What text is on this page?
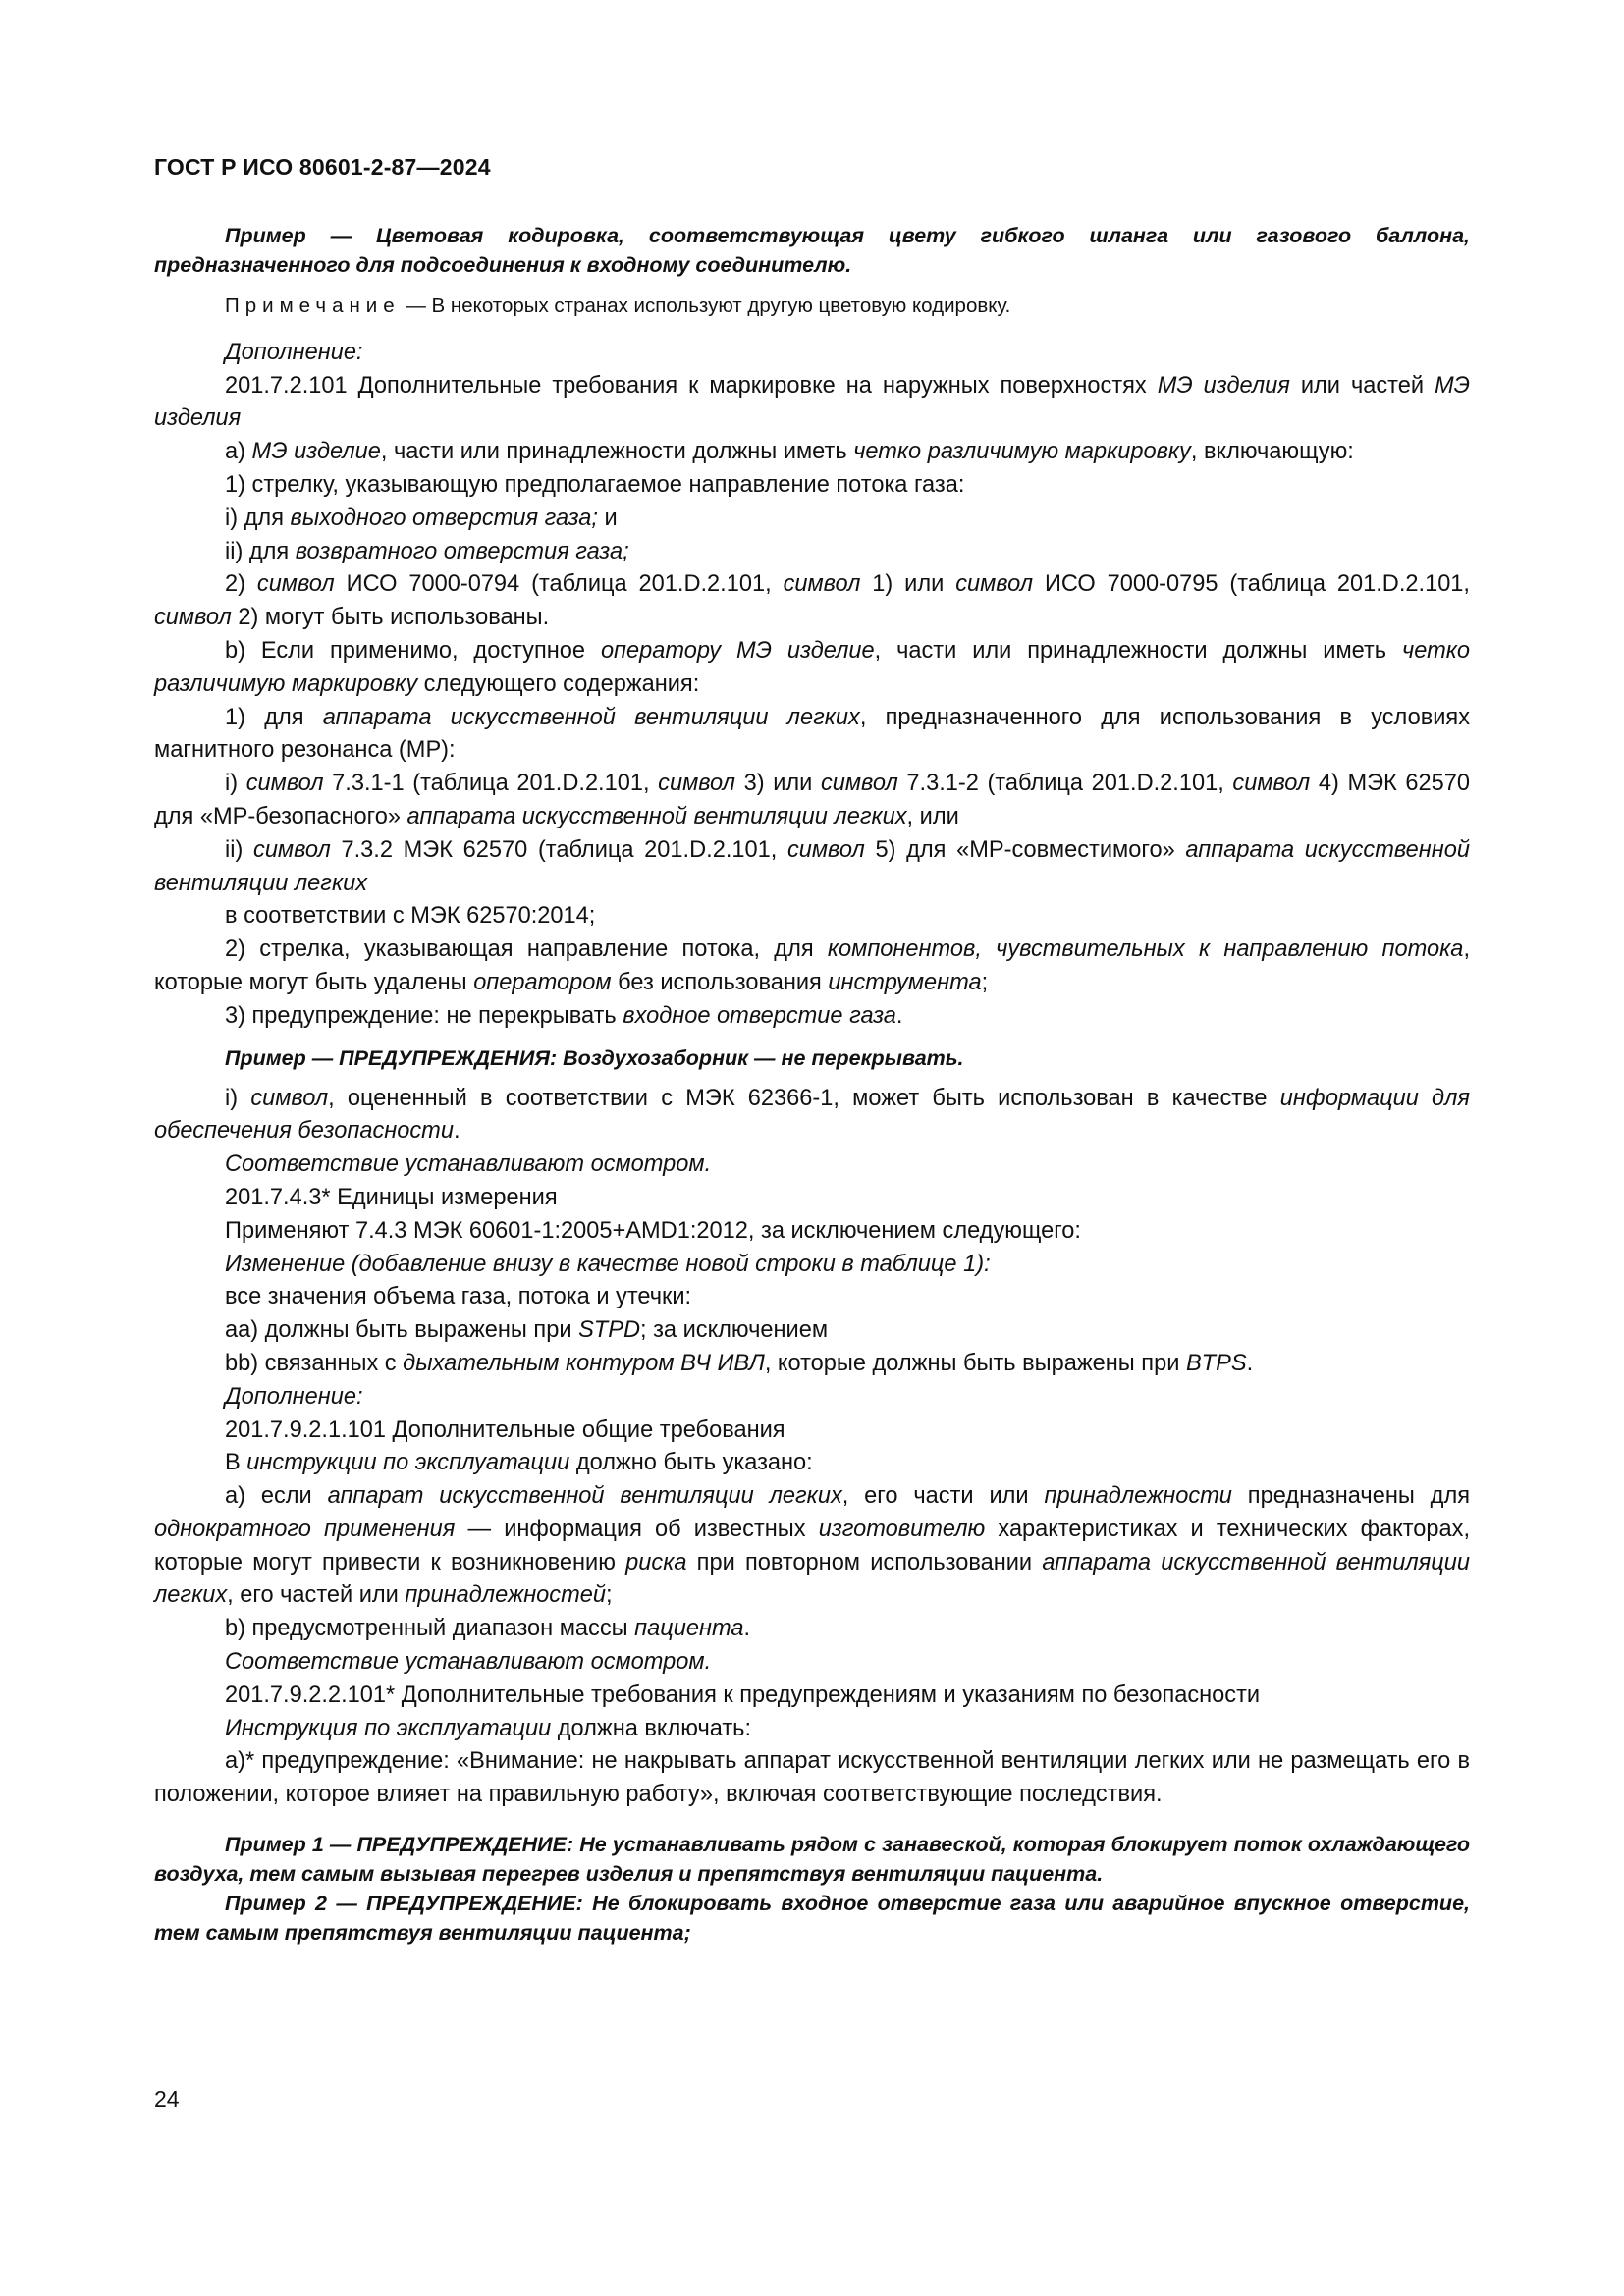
ГОСТ Р ИСО 80601-2-87—2024

Пример — Цветовая кодировка, соответствующая цвету гибкого шланга или газового баллона, предназначенного для подсоединения к входному соединителю.

Примечание — В некоторых странах используют другую цветовую кодировку.

Дополнение:

201.7.2.101 Дополнительные требования к маркировке на наружных поверхностях МЭ изделия или частей МЭ изделия

a) МЭ изделие, части или принадлежности должны иметь четко различимую маркировку, включающую:

1) стрелку, указывающую предполагаемое направление потока газа:

i) для выходного отверстия газа; и

ii) для возвратного отверстия газа;

2) символ ИСО 7000-0794 (таблица 201.D.2.101, символ 1) или символ ИСО 7000-0795 (таблица 201.D.2.101, символ 2) могут быть использованы.

b) Если применимо, доступное оператору МЭ изделие, части или принадлежности должны иметь четко различимую маркировку следующего содержания:

1) для аппарата искусственной вентиляции легких, предназначенного для использования в условиях магнитного резонанса (МР):

i) символ 7.3.1-1 (таблица 201.D.2.101, символ 3) или символ 7.3.1-2 (таблица 201.D.2.101, символ 4) МЭК 62570 для «МР-безопасного» аппарата искусственной вентиляции легких, или

ii) символ 7.3.2 МЭК 62570 (таблица 201.D.2.101, символ 5) для «МР-совместимого» аппарата искусственной вентиляции легких

в соответствии с МЭК 62570:2014;

2) стрелка, указывающая направление потока, для компонентов, чувствительных к направлению потока, которые могут быть удалены оператором без использования инструмента;

3) предупреждение: не перекрывать входное отверстие газа.

Пример — ПРЕДУПРЕЖДЕНИЯ: Воздухозаборник — не перекрывать.

i) символ, оцененный в соответствии с МЭК 62366-1, может быть использован в качестве информации для обеспечения безопасности.

Соответствие устанавливают осмотром.

201.7.4.3* Единицы измерения

Применяют 7.4.3 МЭК 60601-1:2005+AMD1:2012, за исключением следующего:

Изменение (добавление внизу в качестве новой строки в таблице 1):

все значения объема газа, потока и утечки:

аа) должны быть выражены при STPD; за исключением

bb) связанных с дыхательным контуром ВЧ ИВЛ, которые должны быть выражены при BTPS.

Дополнение:

201.7.9.2.1.101 Дополнительные общие требования

В инструкции по эксплуатации должно быть указано:

a) если аппарат искусственной вентиляции легких, его части или принадлежности предназначены для однократного применения — информация об известных изготовителю характеристиках и технических факторах, которые могут привести к возникновению риска при повторном использовании аппарата искусственной вентиляции легких, его частей или принадлежностей;

b) предусмотренный диапазон массы пациента.

Соответствие устанавливают осмотром.

201.7.9.2.2.101* Дополнительные требования к предупреждениям и указаниям по безопасности

Инструкция по эксплуатации должна включать:

a)* предупреждение: «Внимание: не накрывать аппарат искусственной вентиляции легких или не размещать его в положении, которое влияет на правильную работу», включая соответствующие последствия.

Пример 1 — ПРЕДУПРЕЖДЕНИЕ: Не устанавливать рядом с занавеской, которая блокирует поток охлаждающего воздуха, тем самым вызывая перегрев изделия и препятствуя вентиляции пациента.

Пример 2 — ПРЕДУПРЕЖДЕНИЕ: Не блокировать входное отверстие газа или аварийное впускное отверстие, тем самым препятствуя вентиляции пациента;

24
